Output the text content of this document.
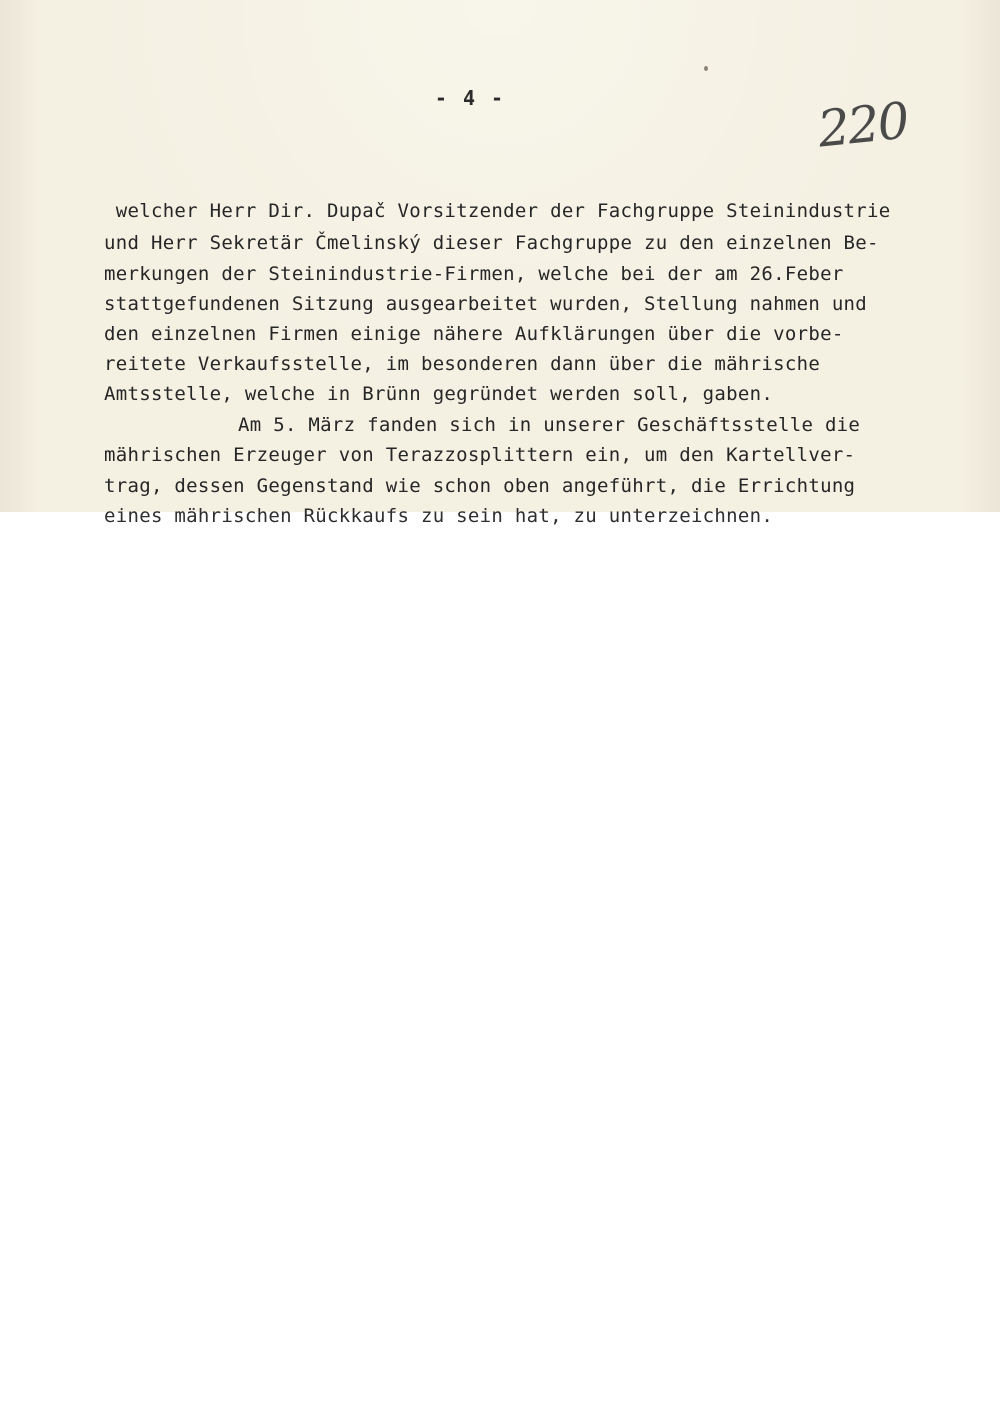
- 4 -	220
welcher Herr Dir. Dupač Vorsitzender der Fachgruppe Steinindustrie
und Herr Sekretär Čmelinský dieser Fachgruppe zu den einzelnen Be-
merkungen der Steinindustrie-Firmen, welche bei der am 26.Feber
stattgefundenen Sitzung ausgearbeitet wurden, Stellung nahmen und
den einzelnen Firmen einige nähere Aufklärungen über die vorbe-
reitete Verkaufsstelle, im besonderen dann über die mährische
Amtsstelle, welche in Brünn gegründet werden soll, gaben.
Am 5. März fanden sich in unserer Geschäftsstelle die
mährischen Erzeuger von Terazzosplittern ein, um den Kartellver-
trag, dessen Gegenstand wie schon oben angeführt, die Errichtung
eines mährischen Rückkaufs zu sein hat, zu unterzeichnen.
